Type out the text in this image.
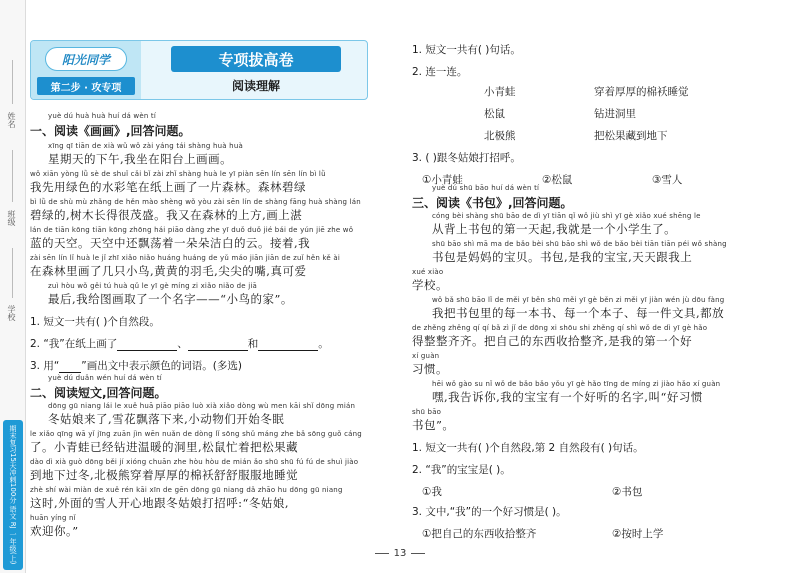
姓名
班级
学校
期末复习15天冲刺100分 语文 RJ 一年级(上)
阳光同学
第二步 · 攻专项
专项拔高卷
阅读理解
yuè dú huà huà huí dá wèn tí
一、阅读《画画》,回答问题。
xīng qī tiān de xià wǔ wǒ zài yáng tái shàng huà huà
星期天的下午,我坐在阳台上画画。
wǒ xiān yòng lǜ sè de shuǐ cǎi bǐ zài zhǐ shàng huà le yī piàn sēn lín sēn lín bì lǜ
我先用绿色的水彩笔在纸上画了一片森林。森林碧绿
bì lǜ de shù mù zhǎng de hěn mào shèng wǒ yòu zài sēn lín de shàng fāng huà shàng lán
碧绿的,树木长得很茂盛。我又在森林的上方,画上湛
lán de tiān kōng tiān kōng zhōng hái piāo dàng zhe yī duǒ duǒ jié bái de yún jiē zhe wǒ
蓝的天空。天空中还飘荡着一朵朵洁白的云。接着,我
zài sēn lín lǐ huà le jǐ zhī xiǎo niǎo huáng huáng de yǔ máo jiān jiān de zuǐ hěn kě ài
在森林里画了几只小鸟,黄黄的羽毛,尖尖的嘴,真可爱
zuì hòu wǒ gěi tú huà qǔ le yī gè míng zi xiǎo niǎo de jiā
最后,我给图画取了一个名字——“小鸟的家”。
1. 短文一共有( )个自然段。
2. “我”在纸上画了	、	和	。
3. 用“ ”画出文中表示颜色的词语。(多选)
yuè dú duǎn wén huí dá wèn tí
二、阅读短文,回答问题。
dōng gū niang lái le xuě huā piāo piāo luò xià xiǎo dòng wù men kāi shǐ dōng mián
冬姑娘来了,雪花飘落下来,小动物们开始冬眠
le xiǎo qīng wā yǐ jīng zuān jìn wēn nuǎn de dòng lǐ sōng shǔ máng zhe bǎ sōng guǒ cáng
了。小青蛙已经钻进温暖的洞里,松鼠忙着把松果藏
dào dì xià guò dōng běi jí xióng chuān zhe hòu hòu de mián ǎo shū shū fú fú de shuì jiào
到地下过冬,北极熊穿着厚厚的棉袄舒舒服服地睡觉
zhè shí wài miàn de xuě rén kāi xīn de gēn dōng gū niang dǎ zhāo hu dōng gū niang
这时,外面的雪人开心地跟冬姑娘打招呼:“冬姑娘,
huān yíng nǐ
欢迎你。”
1. 短文一共有( )句话。
2. 连一连。
小青蛙
松鼠
北极熊
穿着厚厚的棉袄睡觉
钻进洞里
把松果藏到地下
3. ( )跟冬姑娘打招呼。
①小青蛙	②松鼠	③雪人
yuè dú shū bāo huí dá wèn tí
三、阅读《书包》,回答问题。
cóng bèi shàng shū bāo de dì yī tiān qǐ wǒ jiù shì yī gè xiǎo xué shēng le
从背上书包的第一天起,我就是一个小学生了。
shū bāo shì mā ma de bǎo bèi shū bāo shì wǒ de bǎo bèi tiān tiān péi wǒ shàng
书包是妈妈的宝贝。书包,是我的宝宝,天天跟我上
xué xiào
学校。
wǒ bǎ shū bāo lǐ de měi yī běn shū měi yī gè běn zi měi yī jiàn wén jù dōu fàng
我把书包里的每一本书、每一个本子、每一件文具,都放
de zhěng zhěng qí qí bǎ zì jǐ de dōng xi shōu shi zhěng qí shì wǒ de dì yī gè hǎo
得整整齐齐。把自己的东西收拾整齐,是我的第一个好
xí guàn
习惯。
hēi wǒ gào su nǐ wǒ de bǎo bǎo yǒu yī gè hǎo tīng de míng zi jiào hǎo xí guàn
嘿,我告诉你,我的宝宝有一个好听的名字,叫“好习惯
shū bāo
书包”。
1. 短文一共有( )个自然段,第 2 自然段有( )句话。
2. “我”的宝宝是( )。
①我	②书包
3. 文中,“我”的一个好习惯是( )。
①把自己的东西收拾整齐	②按时上学
13
